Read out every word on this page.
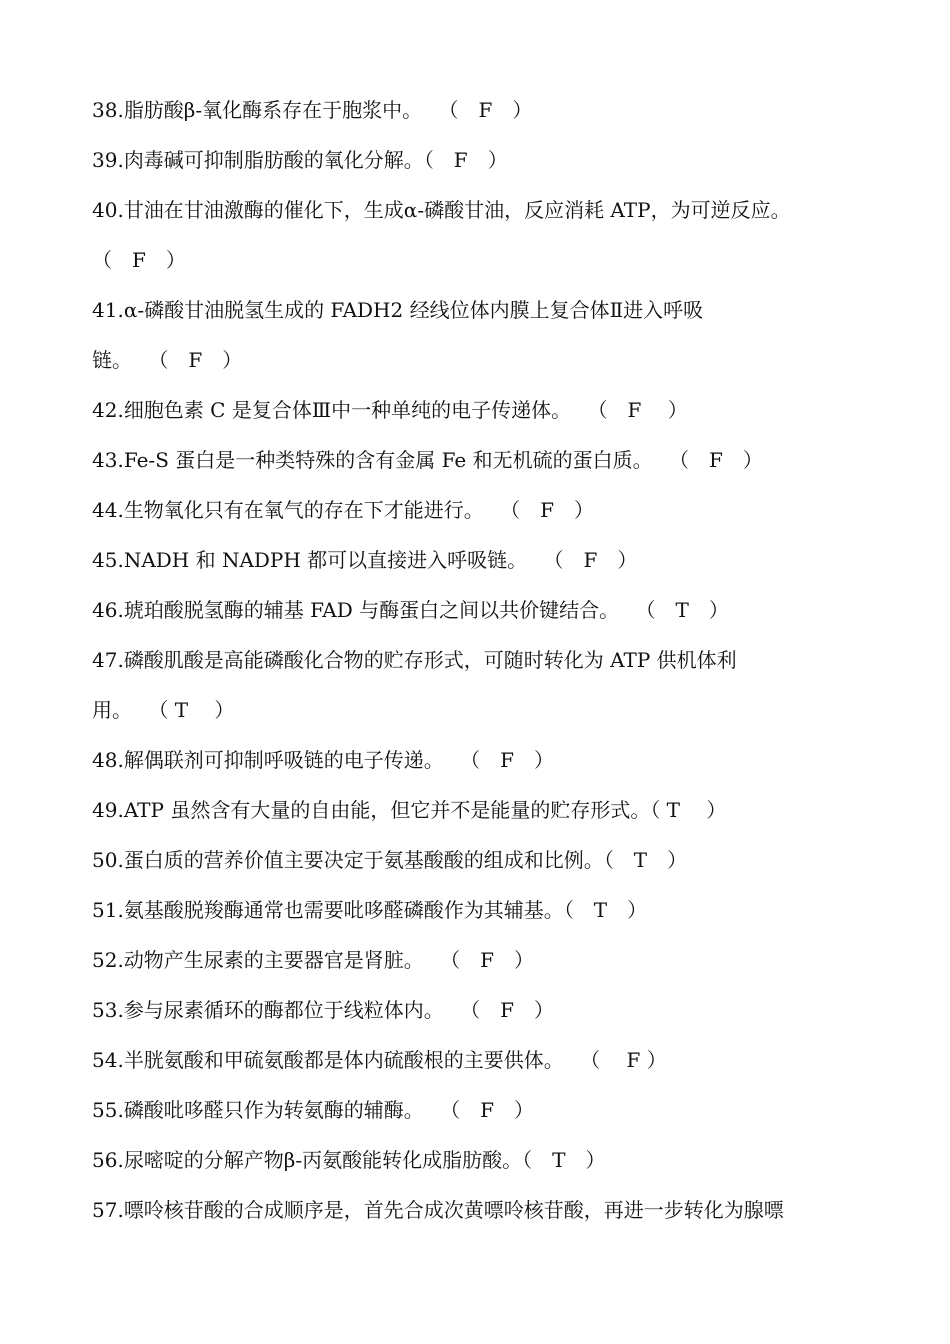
38.脂肪酸β-氧化酶系存在于胞浆中。　 （　F　）
39.肉毒碱可抑制脂肪酸的氧化分解。（　F　）
40.甘油在甘油激酶的催化下，生成α-磷酸甘油，反应消耗 ATP，为可逆反应。
（　F　）
41.α-磷酸甘油脱氢生成的 FADH2 经线位体内膜上复合体Ⅱ进入呼吸
链。　 （　F　）
42.细胞色素 C 是复合体Ⅲ中一种单纯的电子传递体。　 （　F　 ）
43.Fe-S 蛋白是一种类特殊的含有金属 Fe 和无机硫的蛋白质。　 （　F　）
44.生物氧化只有在氧气的存在下才能进行。　 （　F　）
45.NADH 和 NADPH 都可以直接进入呼吸链。　 （　F　）
46.琥珀酸脱氢酶的辅基 FAD 与酶蛋白之间以共价键结合。　 （　T　）
47.磷酸肌酸是高能磷酸化合物的贮存形式，可随时转化为 ATP 供机体利
用。　 （ T　 ）
48.解偶联剂可抑制呼吸链的电子传递。　 （　F　）
49.ATP 虽然含有大量的自由能，但它并不是能量的贮存形式。（ T　 ）
50.蛋白质的营养价值主要决定于氨基酸酸的组成和比例。（　T　）
51.氨基酸脱羧酶通常也需要吡哆醛磷酸作为其辅基。（　T　）
52.动物产生尿素的主要器官是肾脏。　 （　F　）
53.参与尿素循环的酶都位于线粒体内。　 （　F　）
54.半胱氨酸和甲硫氨酸都是体内硫酸根的主要供体。　 （　 F ）
55.磷酸吡哆醛只作为转氨酶的辅酶。　 （　F　）
56.尿嘧啶的分解产物β-丙氨酸能转化成脂肪酸。（　T　）
57.嘌呤核苷酸的合成顺序是，首先合成次黄嘌呤核苷酸，再进一步转化为腺嘌
